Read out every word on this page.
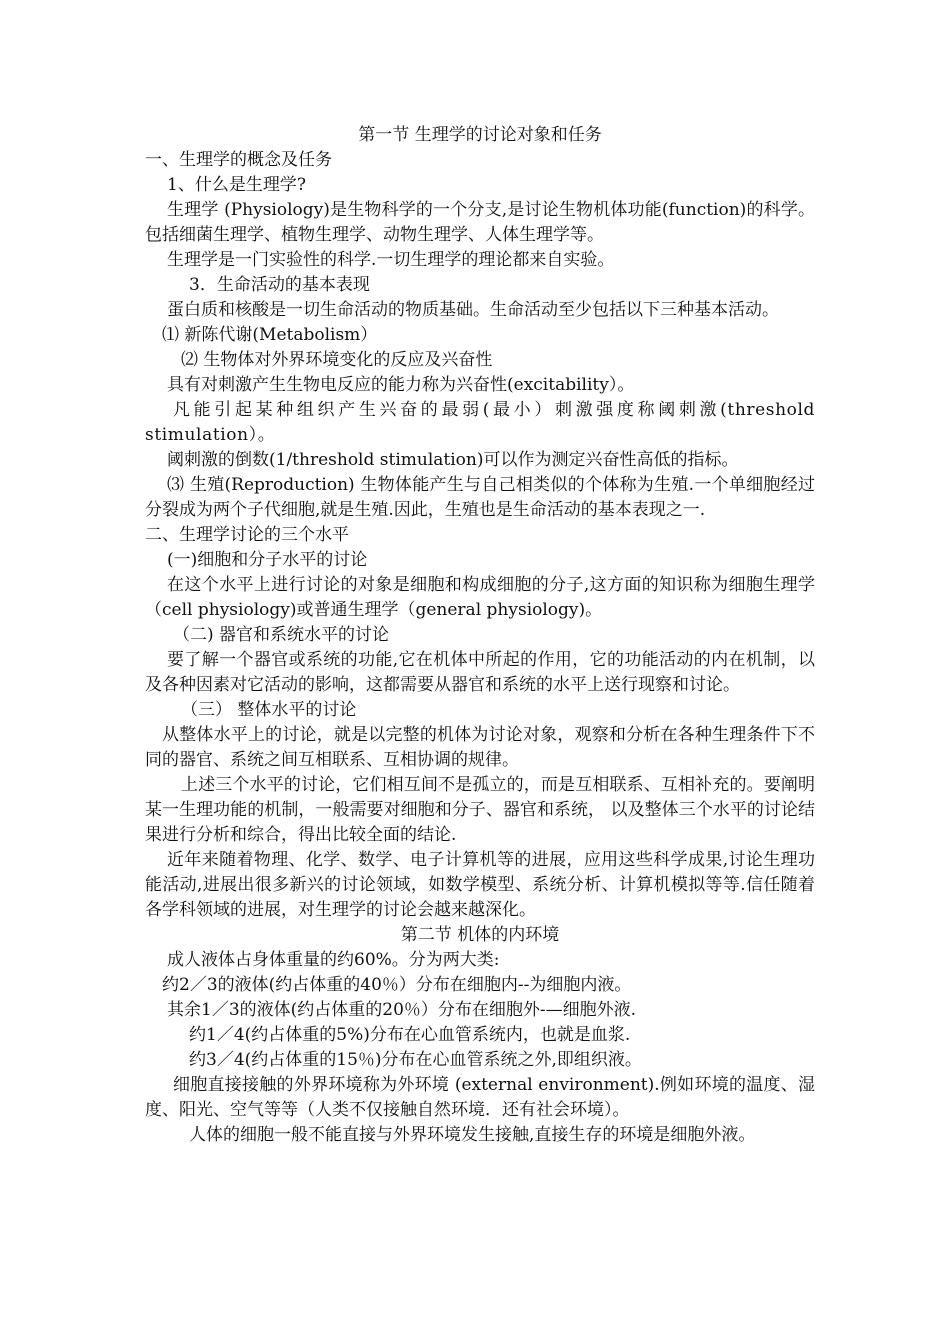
第一节 生理学的讨论对象和任务

一、生理学的概念及任务

1、什么是生理学?

生理学 (Physiology)是生物科学的一个分支,是讨论生物机体功能(function)的科学。包括细菌生理学、植物生理学、动物生理学、人体生理学等。

生理学是一门实验性的科学.一切生理学的理论都来自实验。

3．生命活动的基本表现

蛋白质和核酸是一切生命活动的物质基础。生命活动至少包括以下三种基本活动。

⑴ 新陈代谢(Metabolism）

⑵ 生物体对外界环境变化的反应及兴奋性

具有对刺激产生生物电反应的能力称为兴奋性(excitability）。

凡能引起某种组织产生兴奋的最弱(最小）刺激强度称阈刺激(threshold stimulation）。

阈刺激的倒数(1/threshold stimulation)可以作为测定兴奋性高低的指标。

⑶ 生殖(Reproduction) 生物体能产生与自己相类似的个体称为生殖.一个单细胞经过分裂成为两个子代细胞,就是生殖.因此，生殖也是生命活动的基本表现之一.

二、生理学讨论的三个水平

(一)细胞和分子水平的讨论

在这个水平上进行讨论的对象是细胞和构成细胞的分子,这方面的知识称为细胞生理学（cell physiology)或普通生理学（general physiology)。

（二) 器官和系统水平的讨论

要了解一个器官或系统的功能,它在机体中所起的作用，它的功能活动的内在机制，以及各种因素对它活动的影响，这都需要从器官和系统的水平上送行现察和讨论。

（三） 整体水平的讨论

从整体水平上的讨论，就是以完整的机体为讨论对象，观察和分析在各种生理条件下不同的器官、系统之间互相联系、互相协调的规律。

上述三个水平的讨论，它们相互间不是孤立的，而是互相联系、互相补充的。要阐明某一生理功能的机制，一般需要对细胞和分子、器官和系统， 以及整体三个水平的讨论结果进行分析和综合，得出比较全面的结论.

近年来随着物理、化学、数学、电子计算机等的进展，应用这些科学成果,讨论生理功能活动,进展出很多新兴的讨论领域，如数学模型、系统分析、计算机模拟等等.信任随着各学科领域的进展，对生理学的讨论会越来越深化。

第二节 机体的内环境

成人液体占身体重量的约60%。分为两大类:

约2／3的液体(约占体重的40％）分布在细胞内--为细胞内液。

其余1／3的液体(约占体重的20％）分布在细胞外-—细胞外液.

约1／4(约占体重的5%)分布在心血管系统内，也就是血浆.

约3／4(约占体重的15％)分布在心血管系统之外,即组织液。

细胞直接接触的外界环境称为外环境 (external environment).例如环境的温度、湿度、阳光、空气等等（人类不仅接触自然环境．还有社会环境）。

人体的细胞一般不能直接与外界环境发生接触,直接生存的环境是细胞外液。
